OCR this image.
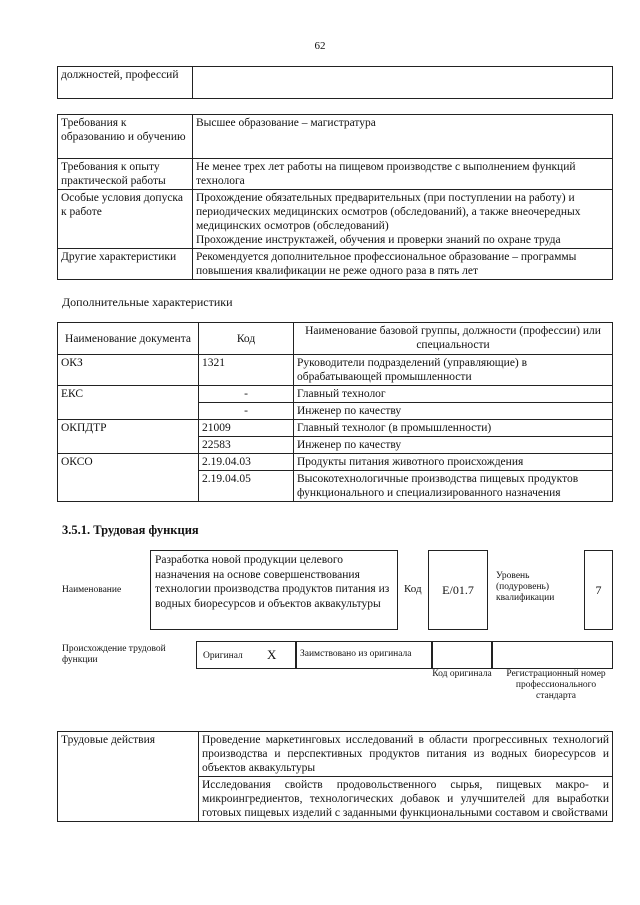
62
должностей, профессий	
Требования к образованию и обучению	Высшее образование – магистратура
Требования к опыту практической работы	Не менее трех лет работы на пищевом производстве с выполнением функций технолога
Особые условия допуска к работе	Прохождение обязательных предварительных (при поступлении на работу) и периодических медицинских осмотров (обследований), а также внеочередных медицинских осмотров (обследований)
Прохождение инструктажей, обучения и проверки знаний по охране труда

Другие характеристики	Рекомендуется дополнительное профессиональное образование – программы повышения квалификации не реже одного раза в пять лет
Дополнительные характеристики
Наименование документа	Код	Наименование базовой группы, должности (профессии) или специальности
ОКЗ	1321	Руководители подразделений (управляющие) в обрабатывающей промышленности
ЕКС	-	Главный технолог
	-	Инженер по качеству
ОКПДТР	21009	Главный технолог (в промышленности)
	22583	Инженер по качеству
ОКСО	2.19.04.03	Продукты питания животного происхождения
	2.19.04.05	Высокотехнологичные производства пищевых продуктов функционального и специализированного назначения
3.5.1. Трудовая функция
Наименование
Разработка новой продукции целевого назначения на основе совершенствования технологии производства продуктов питания из водных биоресурсов и объектов аквакультуры
Код	E/01.7
Уровень (подуровень) квалификации
7
Происхождение трудовой функции	Оригинал X	Заимствовано из оригинала
Код оригинала	Регистрационный номер профессионального стандарта
Трудовые действия	Проведение маркетинговых исследований в области прогрессивных технологий производства и перспективных продуктов питания из водных биоресурсов и объектов аквакультуры
Исследования свойств продовольственного сырья, пищевых макро- и микроингредиентов, технологических добавок и улучшителей для выработки готовых пищевых изделий с заданными функциональными составом и свойствами
